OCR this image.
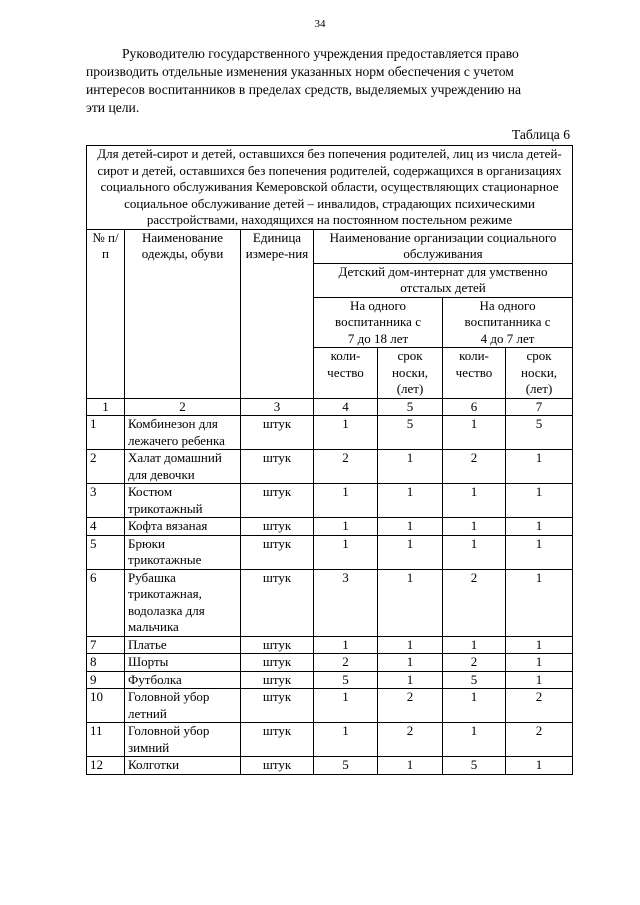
34
Руководителю государственного учреждения предоставляется право
производить отдельные изменения указанных норм обеспечения с учетом
интересов воспитанников в пределах средств, выделяемых учреждению на
эти цели.
Таблица 6
Для детей-сирот и детей, оставшихся без попечения родителей, лиц из числа детей-сирот и детей, оставшихся без попечения родителей, содержащихся в организациях социального обслуживания Кемеровской области, осуществляющих стационарное социальное обслуживание детей – инвалидов, страдающих психическими расстройствами, находящихся на постоянном постельном режиме						
№ п/п	Наименование одежды, обуви	Единица измере-ния	Наименование организации социального обслуживания			
			Детский дом-интернат для умственно отсталых детей			
			На одного воспитанника с 7 до 18 лет		На одного воспитанника с 4 до 7 лет	
			коли-чество	срок носки, (лет)	коли-чество	срок носки, (лет)
1	2	3	4	5	6	7
1	Комбинезон для лежачего ребенка	штук	1	5	1	5
2	Халат домашний для девочки	штук	2	1	2	1
3	Костюм трикотажный	штук	1	1	1	1
4	Кофта вязаная	штук	1	1	1	1
5	Брюки трикотажные	штук	1	1	1	1
6	Рубашка трикотажная, водолазка для мальчика	штук	3	1	2	1
7	Платье	штук	1	1	1	1
8	Шорты	штук	2	1	2	1
9	Футболка	штук	5	1	5	1
10	Головной убор летний	штук	1	2	1	2
11	Головной убор зимний	штук	1	2	1	2
12	Колготки	штук	5	1	5	1
